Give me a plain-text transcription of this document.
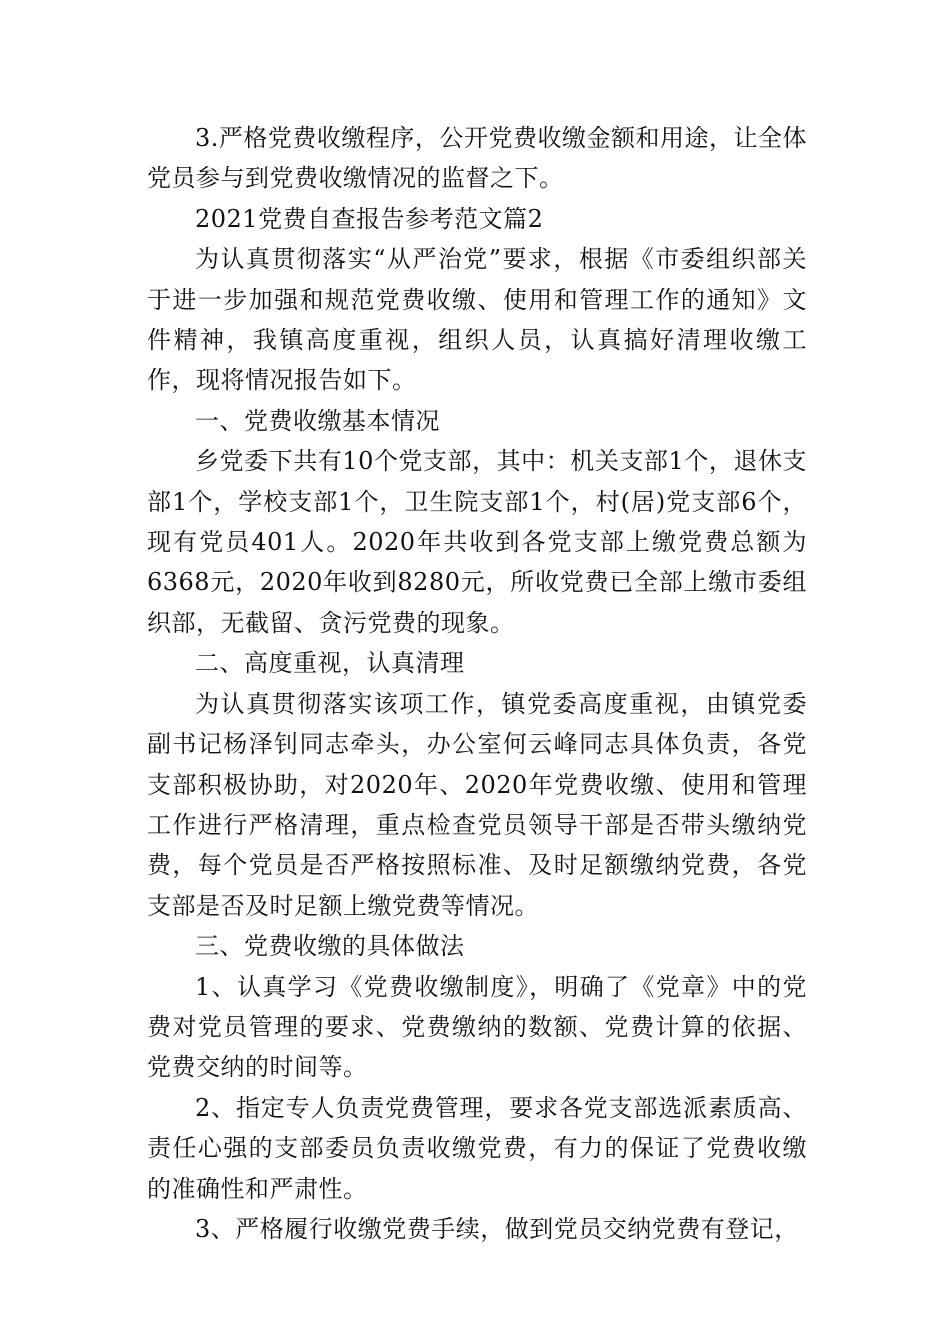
3.严格党费收缴程序，公开党费收缴金额和用途，让全体党员参与到党费收缴情况的监督之下。

2021党费自查报告参考范文篇2

为认真贯彻落实“从严治党”要求，根据《市委组织部关于进一步加强和规范党费收缴、使用和管理工作的通知》文件精神，我镇高度重视，组织人员，认真搞好清理收缴工作，现将情况报告如下。

一、党费收缴基本情况

乡党委下共有10个党支部，其中：机关支部1个，退休支部1个，学校支部1个，卫生院支部1个，村(居)党支部6个，现有党员401人。2020年共收到各党支部上缴党费总额为6368元，2020年收到8280元，所收党费已全部上缴市委组织部，无截留、贪污党费的现象。

二、高度重视，认真清理

为认真贯彻落实该项工作，镇党委高度重视，由镇党委副书记杨泽钊同志牵头，办公室何云峰同志具体负责，各党支部积极协助，对2020年、2020年党费收缴、使用和管理工作进行严格清理，重点检查党员领导干部是否带头缴纳党费，每个党员是否严格按照标准、及时足额缴纳党费，各党支部是否及时足额上缴党费等情况。

三、党费收缴的具体做法

1、认真学习《党费收缴制度》，明确了《党章》中的党费对党员管理的要求、党费缴纳的数额、党费计算的依据、党费交纳的时间等。

2、指定专人负责党费管理，要求各党支部选派素质高、责任心强的支部委员负责收缴党费，有力的保证了党费收缴的准确性和严肃性。

3、严格履行收缴党费手续，做到党员交纳党费有登记，
